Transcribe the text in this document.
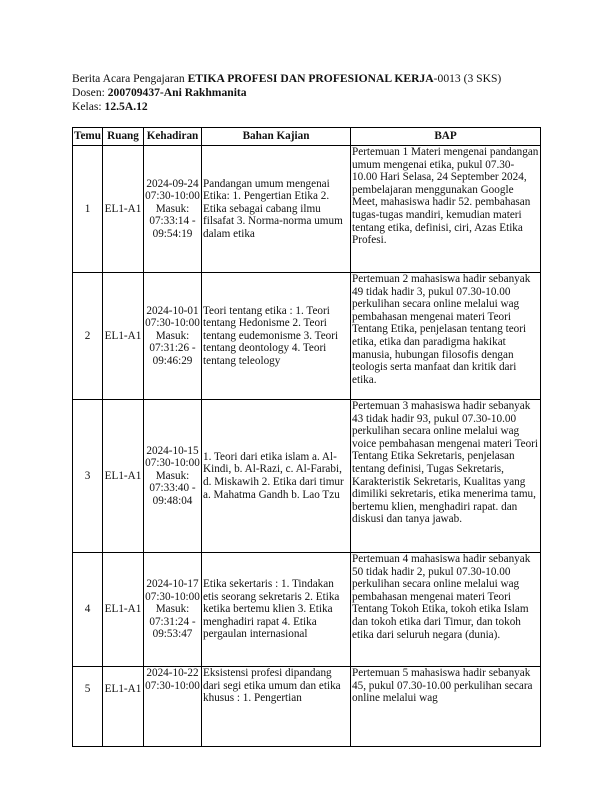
Berita Acara Pengajaran ETIKA PROFESI DAN PROFESIONAL KERJA-0013 (3 SKS)
Dosen: 200709437-Ani Rakhmanita
Kelas: 12.5A.12
Temu	Ruang	Kehadiran	Bahan Kajian	BAP
1	EL1-A1	2024-09-24 07:30-10:00 Masuk: 07:33:14 - 09:54:19	Pandangan umum mengenai Etika: 1. Pengertian Etika 2. Etika sebagai cabang ilmu filsafat 3. Norma-norma umum dalam etika	Pertemuan 1 Materi mengenai pandangan umum mengenai etika, pukul 07.30-10.00 Hari Selasa, 24 September 2024, pembelajaran menggunakan Google Meet, mahasiswa hadir 52. pembahasan tugas-tugas mandiri, kemudian materi tentang etika, definisi, ciri, Azas Etika Profesi.

2	EL1-A1	2024-10-01 07:30-10:00 Masuk: 07:31:26 - 09:46:29	Teori tentang etika : 1. Teori tentang Hedonisme 2. Teori tentang eudemonisme 3. Teori tentang deontology 4. Teori tentang teleology	Pertemuan 2 mahasiswa hadir sebanyak 49 tidak hadir 3, pukul 07.30-10.00 perkulihan secara online melalui wag pembahasan mengenai materi Teori Tentang Etika, penjelasan tentang teori etika, etika dan paradigma hakikat manusia, hubungan filosofis dengan teologis serta manfaat dan kritik dari etika.

3	EL1-A1	2024-10-15 07:30-10:00 Masuk: 07:33:40 - 09:48:04	1. Teori dari etika islam a. Al-Kindi, b. Al-Razi, c. Al-Farabi, d. Miskawih 2. Etika dari timur a. Mahatma Gandh b. Lao Tzu	Pertemuan 3 mahasiswa hadir sebanyak 43 tidak hadir 93, pukul 07.30-10.00 perkulihan secara online melalui wag voice pembahasan mengenai materi Teori Tentang Etika Sekretaris, penjelasan tentang definisi, Tugas Sekretaris, Karakteristik Sekretaris, Kualitas yang dimiliki sekretaris, etika menerima tamu, bertemu klien, menghadiri rapat. dan diskusi dan tanya jawab.

4	EL1-A1	2024-10-17 07:30-10:00 Masuk: 07:31:24 - 09:53:47	Etika sekertaris : 1. Tindakan etis seorang sekretaris 2. Etika ketika bertemu klien 3. Etika menghadiri rapat 4. Etika pergaulan internasional	Pertemuan 4 mahasiswa hadir sebanyak 50 tidak hadir 2, pukul 07.30-10.00 perkulihan secara online melalui wag pembahasan mengenai materi Teori Tentang Tokoh Etika, tokoh etika Islam dan tokoh etika dari Timur, dan tokoh etika dari seluruh negara (dunia).

5	EL1-A1	2024-10-22 07:30-10:00	Eksistensi profesi dipandang dari segi etika umum dan etika khusus : 1. Pengertian	Pertemuan 5 mahasiswa hadir sebanyak 45, pukul 07.30-10.00 perkulihan secara online melalui wag
